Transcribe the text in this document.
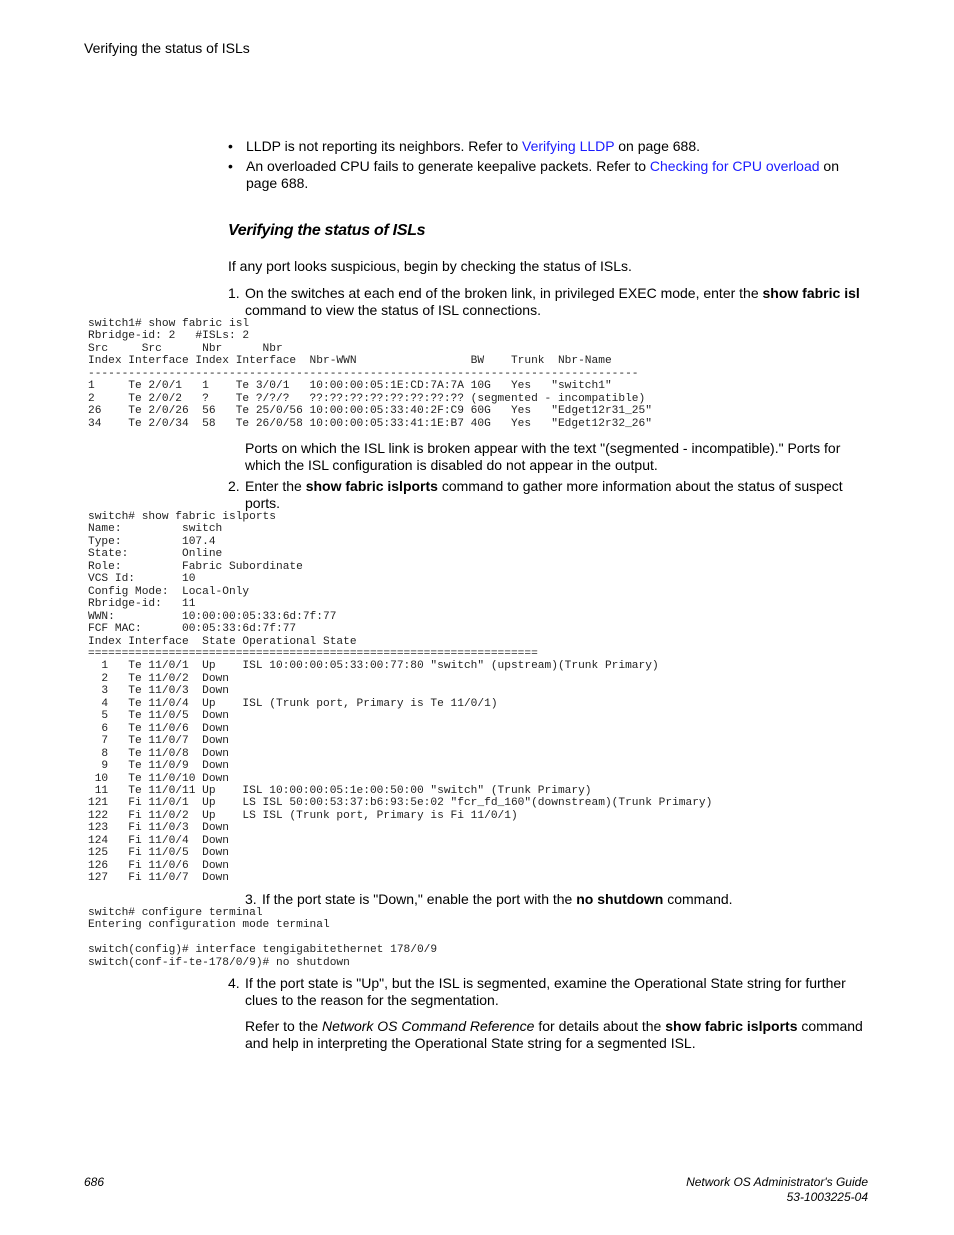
Verifying the status of ISLs
• LLDP is not reporting its neighbors. Refer to Verifying LLDP on page 688.
• An overloaded CPU fails to generate keepalive packets. Refer to Checking for CPU overload on page 688.
Verifying the status of ISLs
If any port looks suspicious, begin by checking the status of ISLs.
1. On the switches at each end of the broken link, in privileged EXEC mode, enter the show fabric isl command to view the status of ISL connections.
switch1# show fabric isl
Rbridge-id: 2   #ISLs: 2
Src     Src      Nbr      Nbr
Index Interface Index Interface  Nbr-WWN                 BW    Trunk  Nbr-Name
----------------------------------------------------------------------------------
1     Te 2/0/1   1    Te 3/0/1   10:00:00:05:1E:CD:7A:7A 10G   Yes   "switch1"
2     Te 2/0/2   ?    Te ?/?/?   ??:??:??:??:??:??:??:?? (segmented - incompatible)
26    Te 2/0/26  56   Te 25/0/56 10:00:00:05:33:40:2F:C9 60G   Yes   "Edget12r31_25"
34    Te 2/0/34  58   Te 26/0/58 10:00:00:05:33:41:1E:B7 40G   Yes   "Edget12r32_26"
Ports on which the ISL link is broken appear with the text "(segmented - incompatible)." Ports for which the ISL configuration is disabled do not appear in the output.
2. Enter the show fabric islports command to gather more information about the status of suspect ports.
switch# show fabric islports
Name:         switch
Type:         107.4
State:        Online
Role:         Fabric Subordinate
VCS Id:       10
Config Mode:  Local-Only
Rbridge-id:   11
WWN:          10:00:00:05:33:6d:7f:77
FCF MAC:      00:05:33:6d:7f:77
Index Interface  State Operational State
===================================================================
1   Te 11/0/1  Up    ISL 10:00:00:05:33:00:77:80 "switch" (upstream)(Trunk Primary)
2   Te 11/0/2  Down
3   Te 11/0/3  Down
4   Te 11/0/4  Up    ISL (Trunk port, Primary is Te 11/0/1)
5   Te 11/0/5  Down
6   Te 11/0/6  Down
7   Te 11/0/7  Down
8   Te 11/0/8  Down
9   Te 11/0/9  Down
10   Te 11/0/10 Down
11   Te 11/0/11 Up    ISL 10:00:00:05:1e:00:50:00 "switch" (Trunk Primary)
121   Fi 11/0/1  Up    LS ISL 50:00:53:37:b6:93:5e:02 "fcr_fd_160"(downstream)(Trunk Primary)
122   Fi 11/0/2  Up    LS ISL (Trunk port, Primary is Fi 11/0/1)
123   Fi 11/0/3  Down
124   Fi 11/0/4  Down
125   Fi 11/0/5  Down
126   Fi 11/0/6  Down
127   Fi 11/0/7  Down
3. If the port state is "Down," enable the port with the no shutdown command.
switch# configure terminal
Entering configuration mode terminal

switch(config)# interface tengigabitethernet 178/0/9
switch(conf-if-te-178/0/9)# no shutdown
4. If the port state is "Up", but the ISL is segmented, examine the Operational State string for further clues to the reason for the segmentation.
Refer to the Network OS Command Reference for details about the show fabric islports command and help in interpreting the Operational State string for a segmented ISL.
686	Network OS Administrator's Guide
53-1003225-04
